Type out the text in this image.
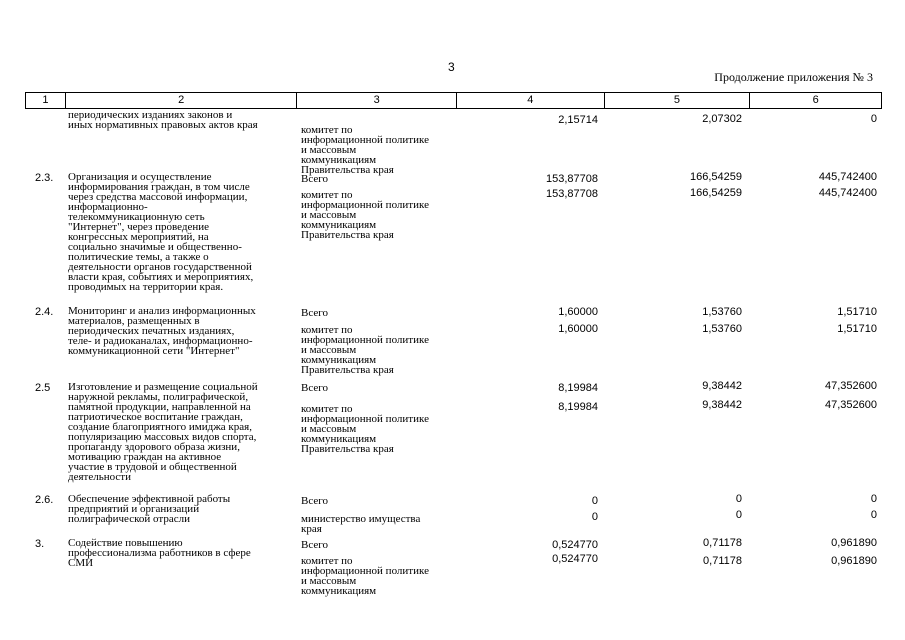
3
Продолжение приложения № 3
1	2	3	4	5	6
периодических изданиях законов и
иных нормативных правовых актов края	комитет по
информационной политике
и массовым
коммуникациям
Правительства края
2,15714	2,07302	0
2.3.	Организация и осуществление
информирования граждан, в том числе
через средства массовой информации,
информационно-
телекоммуникационную сеть
"Интернет", через проведение
конгрессных мероприятий, на
социально значимые и общественно-
политические темы, а также о
деятельности органов государственной
власти края, событиях и мероприятиях,
проводимых на территории края.
Всего	153,87708	166,54259	445,742400
комитет по
информационной политике
и массовым
коммуникациям
Правительства края
153,87708	166,54259	445,742400
2.4.	Мониторинг и анализ информационных
материалов, размещенных в
периодических печатных изданиях,
теле- и радиоканалах, информационно-
коммуникационной сети "Интернет"
Всего	1,60000	1,53760	1,51710
комитет по
информационной политике
и массовым
коммуникациям
Правительства края
1,60000	1,53760	1,51710
2.5	Изготовление и размещение социальной
наружной рекламы, полиграфической,
памятной продукции, направленной на
патриотическое воспитание граждан,
создание благоприятного имиджа края,
популяризацию массовых видов спорта,
пропаганду здорового образа жизни,
мотивацию граждан на активное
участие в трудовой и общественной
деятельности
Всего	8,19984	9,38442	47,352600
комитет по
информационной политике
и массовым
коммуникациям
Правительства края
8,19984	9,38442	47,352600
2.6.	Обеспечение эффективной работы
предприятий и организаций
полиграфической отрасли
Всего	0	0	0
министерство имущества
края
0	0	0
3.	Содействие повышению
профессионализма работников в сфере
СМИ
Всего	0,524770	0,71178	0,961890
комитет по
информационной политике
и массовым
коммуникациям
0,524770	0,71178	0,961890
